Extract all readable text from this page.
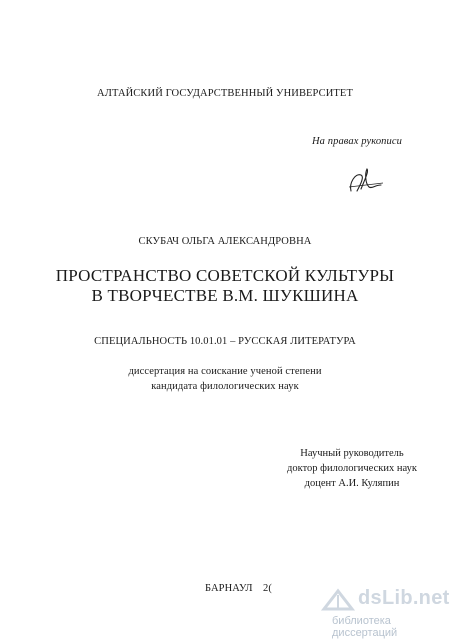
АЛТАЙСКИЙ ГОСУДАРСТВЕННЫЙ УНИВЕРСИТЕТ
На правах рукописи
СКУБАЧ ОЛЬГА АЛЕКСАНДРОВНА
ПРОСТРАНСТВО СОВЕТСКОЙ КУЛЬТУРЫ
В ТВОРЧЕСТВЕ В.М. ШУКШИНА
СПЕЦИАЛЬНОСТЬ 10.01.01 – РУССКАЯ ЛИТЕРАТУРА
диссертация на соискание ученой степени
кандидата филологических наук
Научный руководитель
доктор филологических наук
доцент А.И. Куляпин
БАРНАУЛ 2(	dsLib.net
библиотека диссертаций
